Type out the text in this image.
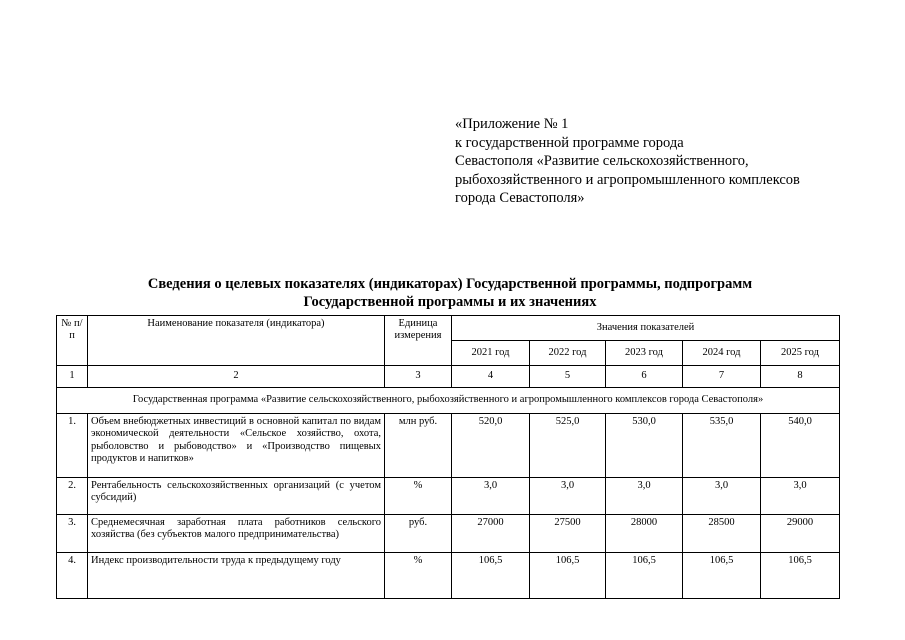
«Приложение № 1
к государственной программе города
Севастополя «Развитие сельскохозяйственного,
рыбохозяйственного и агропромышленного комплексов
города Севастополя»
Сведения о целевых показателях (индикаторах) Государственной программы, подпрограмм
Государственной программы и их значениях
№ п/п	Наименование показателя (индикатора)	Единица измерения	Значения показателей				
			2021 год	2022 год	2023 год	2024 год	2025 год
1	2	3	4	5	6	7	8
Государственная программа «Развитие сельскохозяйственного, рыбохозяйственного и агропромышленного комплексов города Севастополя»							
1.	Объем внебюджетных инвестиций в основной капитал по видам экономической деятельности «Сельское хозяйство, охота, рыболовство и рыбоводство» и «Производство пищевых продуктов и напитков»	млн руб.	520,0	525,0	530,0	535,0	540,0
2.	Рентабельность сельскохозяйственных организаций (с учетом субсидий)	%	3,0	3,0	3,0	3,0	3,0
3.	Среднемесячная заработная плата работников сельского хозяйства (без субъектов малого предпринимательства)	руб.	27000	27500	28000	28500	29000
4.	Индекс производительности труда к предыдущему году	%	106,5	106,5	106,5	106,5	106,5
